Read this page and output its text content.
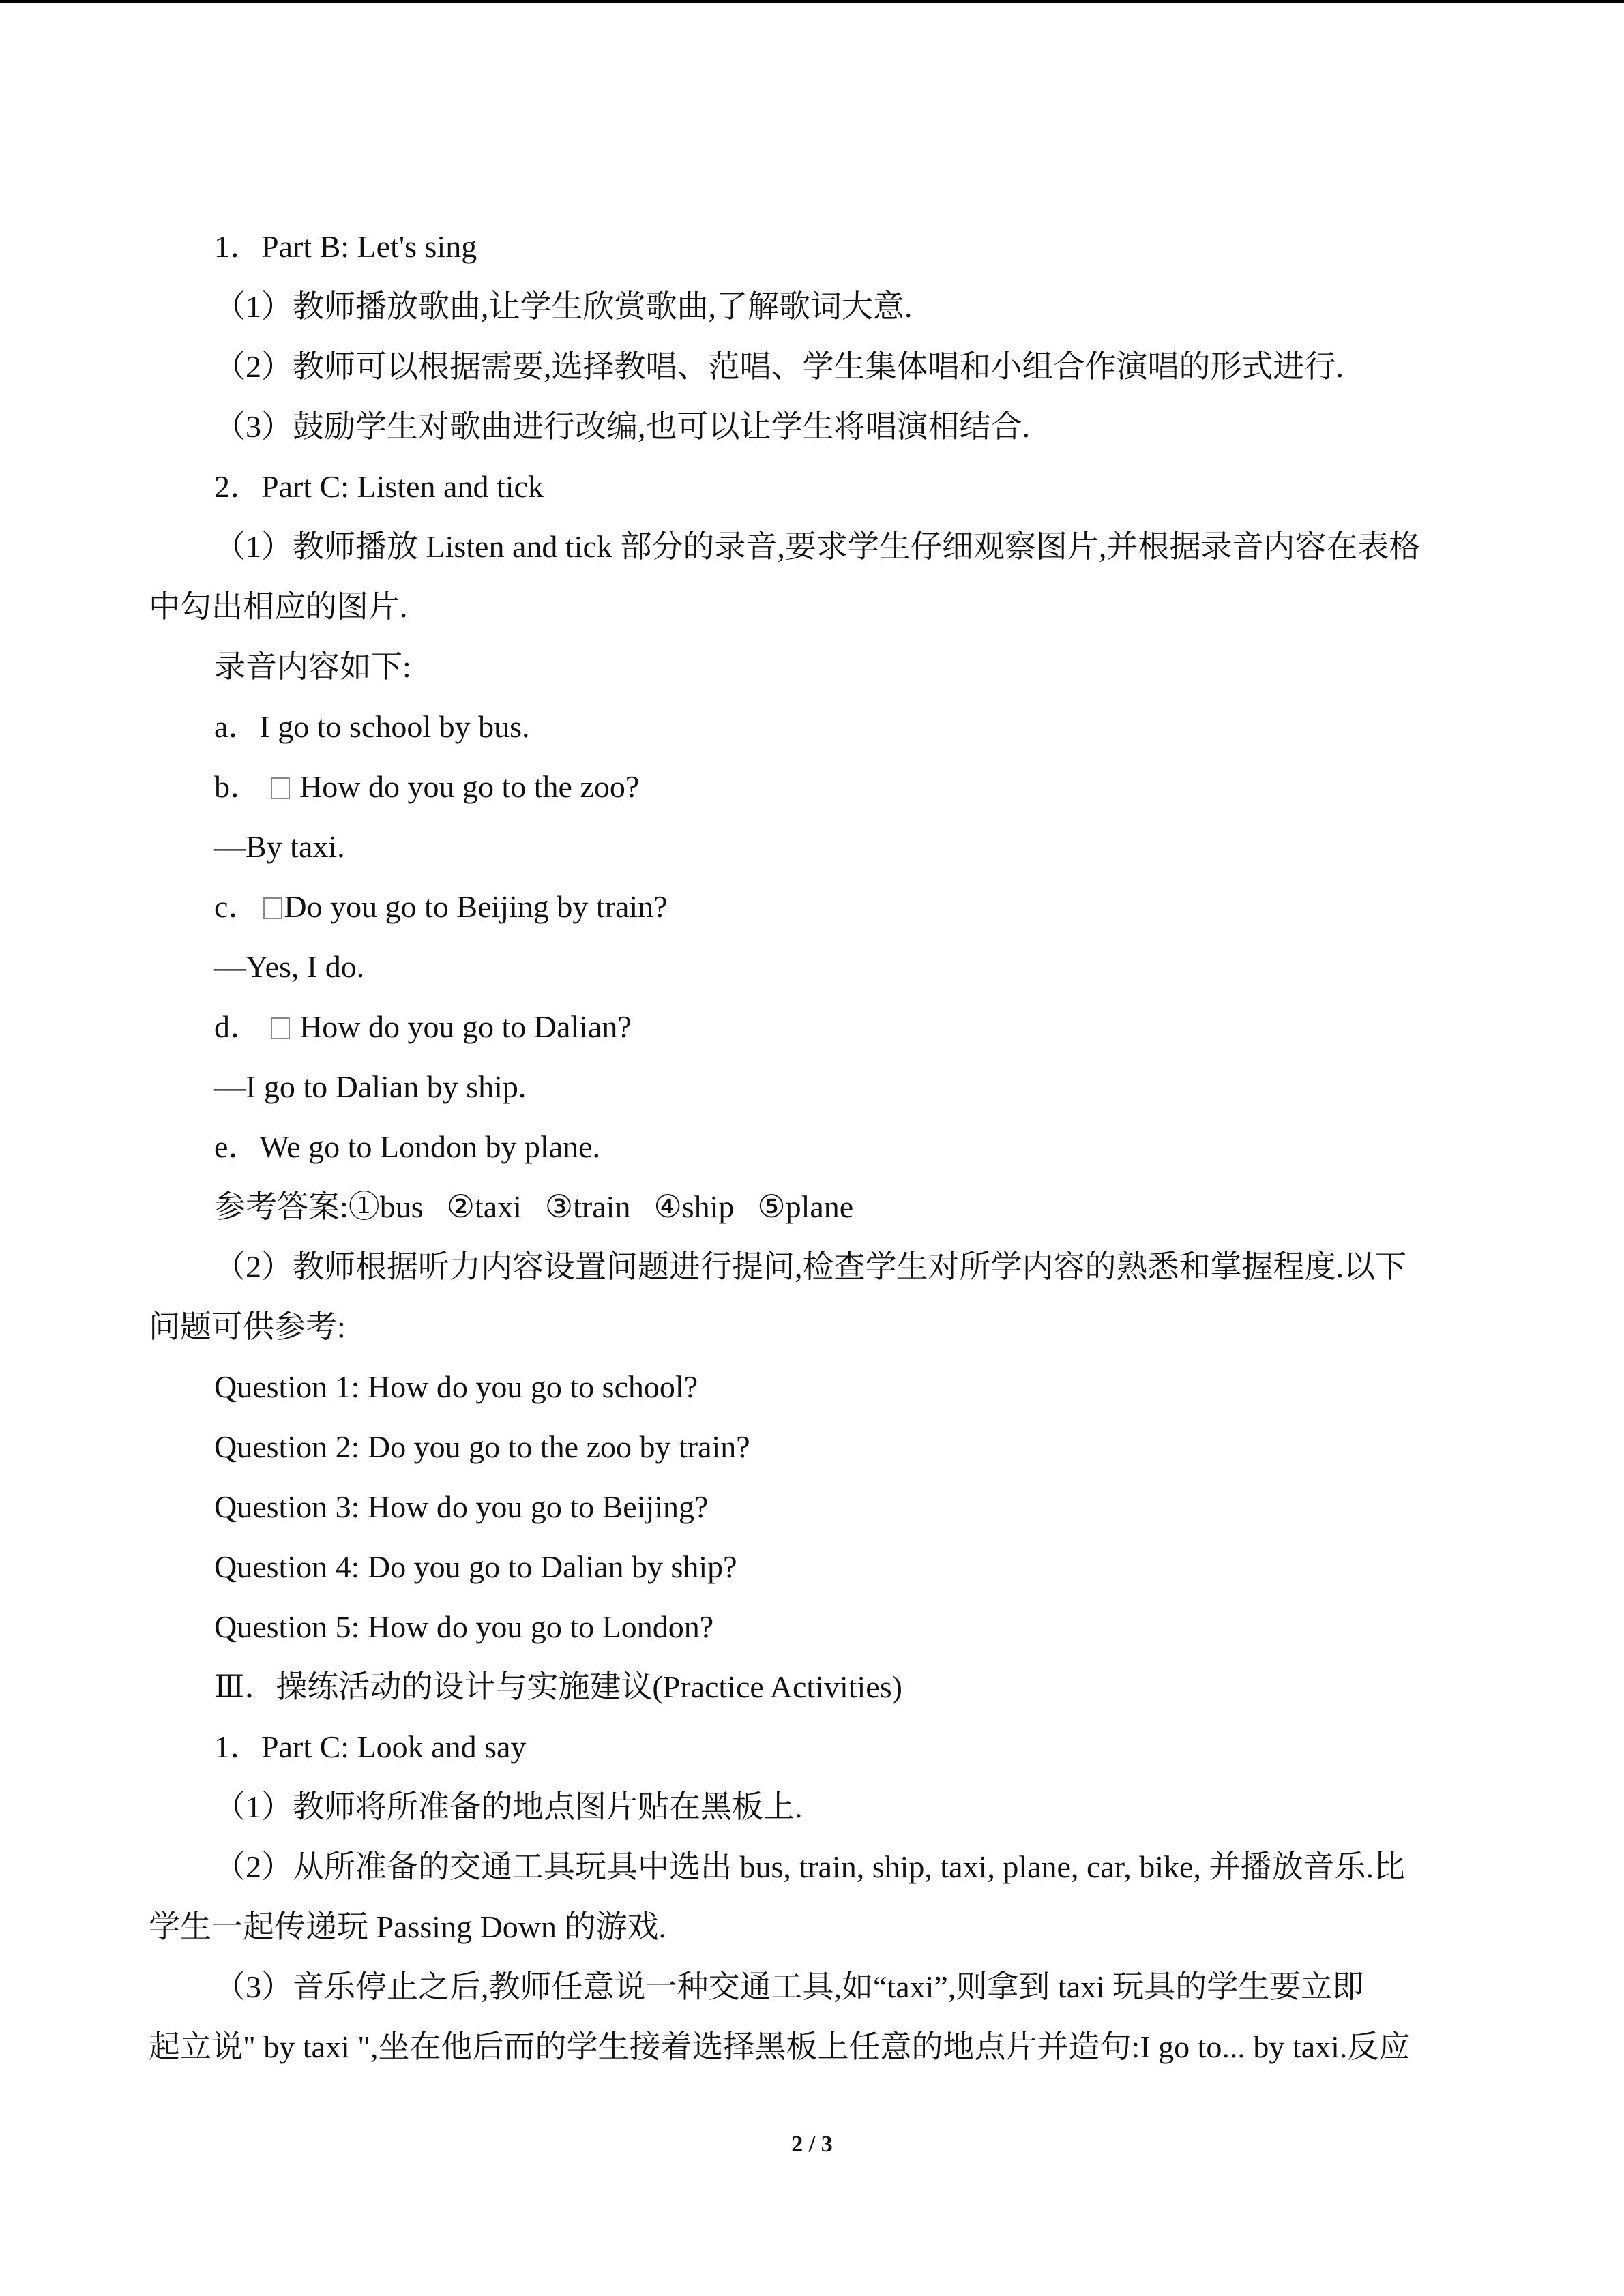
1．Part B: Let's sing
（1）教师播放歌曲,让学生欣赏歌曲,了解歌词大意.
（2）教师可以根据需要,选择教唱、范唱、学生集体唱和小组合作演唱的形式进行.
（3）鼓励学生对歌曲进行改编,也可以让学生将唱演相结合.
2．Part C: Listen and tick
（1）教师播放 Listen and tick 部分的录音,要求学生仔细观察图片,并根据录音内容在表格
中勾出相应的图片.
录音内容如下:
a．I go to school by bus.
b． How do you go to the zoo?
—By taxi.
c． Do you go to Beijing by train?
—Yes, I do.
d． How do you go to Dalian?
—I go to Dalian by ship.
e．We go to London by plane.
参考答案:①bus ②taxi ③train ④ship ⑤plane
（2）教师根据听力内容设置问题进行提问,检查学生对所学内容的熟悉和掌握程度.以下
问题可供参考:
Question 1: How do you go to school?
Question 2: Do you go to the zoo by train?
Question 3: How do you go to Beijing?
Question 4: Do you go to Dalian by ship?
Question 5: How do you go to London?
Ⅲ．操练活动的设计与实施建议(Practice Activities)
1．Part C: Look and say
（1）教师将所准备的地点图片贴在黑板上.
（2）从所准备的交通工具玩具中选出 bus, train, ship, taxi, plane, car, bike, 并播放音乐.比
学生一起传递玩 Passing Down 的游戏.
（3）音乐停止之后,教师任意说一种交通工具,如“taxi”,则拿到 taxi 玩具的学生要立即
起立说" by taxi ",坐在他后而的学生接着选择黑板上任意的地点片并造句:I go to... by taxi.反应
2 / 3
